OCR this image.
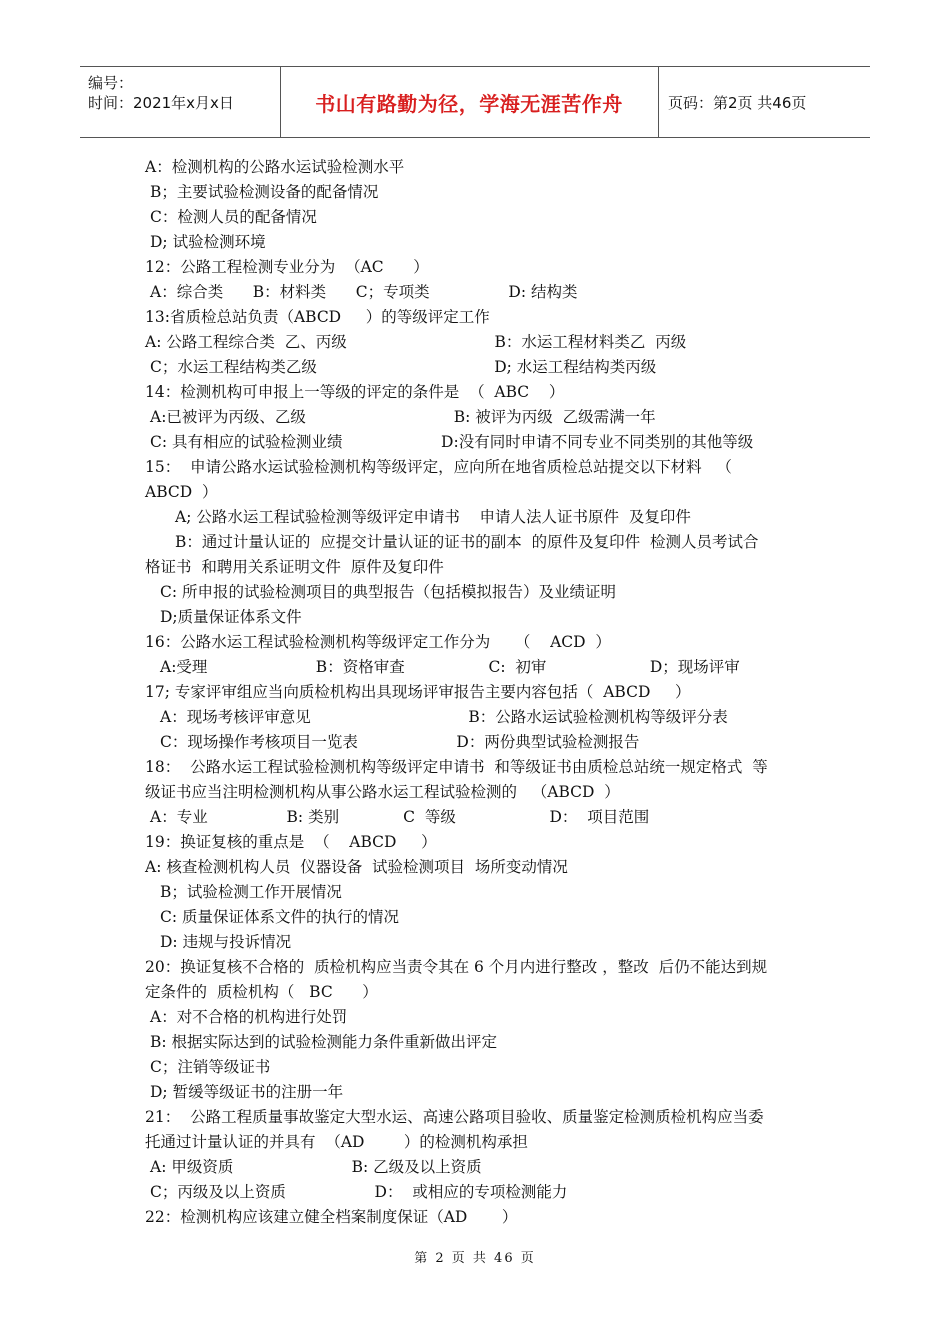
编号：
时间：2021年x月x日	书山有路勤为径，学海无涯苦作舟	页码：第2页 共46页
A：检测机构的公路水运试验检测水平
B；主要试验检测设备的配备情况
C：检测人员的配备情况
D; 试验检测环境
12：公路工程检测专业分为  （AC      ）
A：综合类      B：材料类      C；专项类                D: 结构类
13:省质检总站负责（ABCD     ）的等级评定工作
A: 公路工程综合类  乙、丙级                              B：水运工程材料类乙  丙级
C；水运工程结构类乙级                                    D; 水运工程结构类丙级
14：检测机构可申报上一等级的评定的条件是  （  ABC    ）
A:已被评为丙级、乙级                              B: 被评为丙级  乙级需满一年
C: 具有相应的试验检测业绩                    D:没有同时申请不同专业不同类别的其他等级
15：  申请公路水运试验检测机构等级评定，应向所在地省质检总站提交以下材料   （
ABCD  ）
A; 公路水运工程试验检测等级评定申请书    申请人法人证书原件  及复印件
B：通过计量认证的  应提交计量认证的证书的副本  的原件及复印件  检测人员考试合
格证书  和聘用关系证明文件  原件及复印件
C: 所申报的试验检测项目的典型报告（包括模拟报告）及业绩证明
D;质量保证体系文件
16：公路水运工程试验检测机构等级评定工作分为     （    ACD  ）
A:受理                      B：资格审查                 C:  初审                     D；现场评审
17; 专家评审组应当向质检机构出具现场评审报告主要内容包括（  ABCD     ）
A：现场考核评审意见                                B：公路水运试验检测机构等级评分表
C：现场操作考核项目一览表                    D：两份典型试验检测报告
18：  公路水运工程试验检测机构等级评定申请书  和等级证书由质检总站统一规定格式  等
级证书应当注明检测机构从事公路水运工程试验检测的   （ABCD  ）
A：专业                B: 类别             C  等级                   D：  项目范围
19：换证复核的重点是  （    ABCD     ）
A: 核查检测机构人员  仪器设备  试验检测项目  场所变动情况
B；试验检测工作开展情况
C: 质量保证体系文件的执行的情况
D: 违规与投诉情况
20：换证复核不合格的  质检机构应当责令其在 6 个月内进行整改 ，整改  后仍不能达到规
定条件的  质检机构（   BC      ）
A：对不合格的机构进行处罚
B: 根据实际达到的试验检测能力条件重新做出评定
C；注销等级证书
D; 暂缓等级证书的注册一年
21：  公路工程质量事故鉴定大型水运、高速公路项目验收、质量鉴定检测质检机构应当委
托通过计量认证的并具有  （AD        ）的检测机构承担
A: 甲级资质                        B: 乙级及以上资质
C；丙级及以上资质                  D：  或相应的专项检测能力
22：检测机构应该建立健全档案制度保证（AD       ）
第 2 页 共 46 页
